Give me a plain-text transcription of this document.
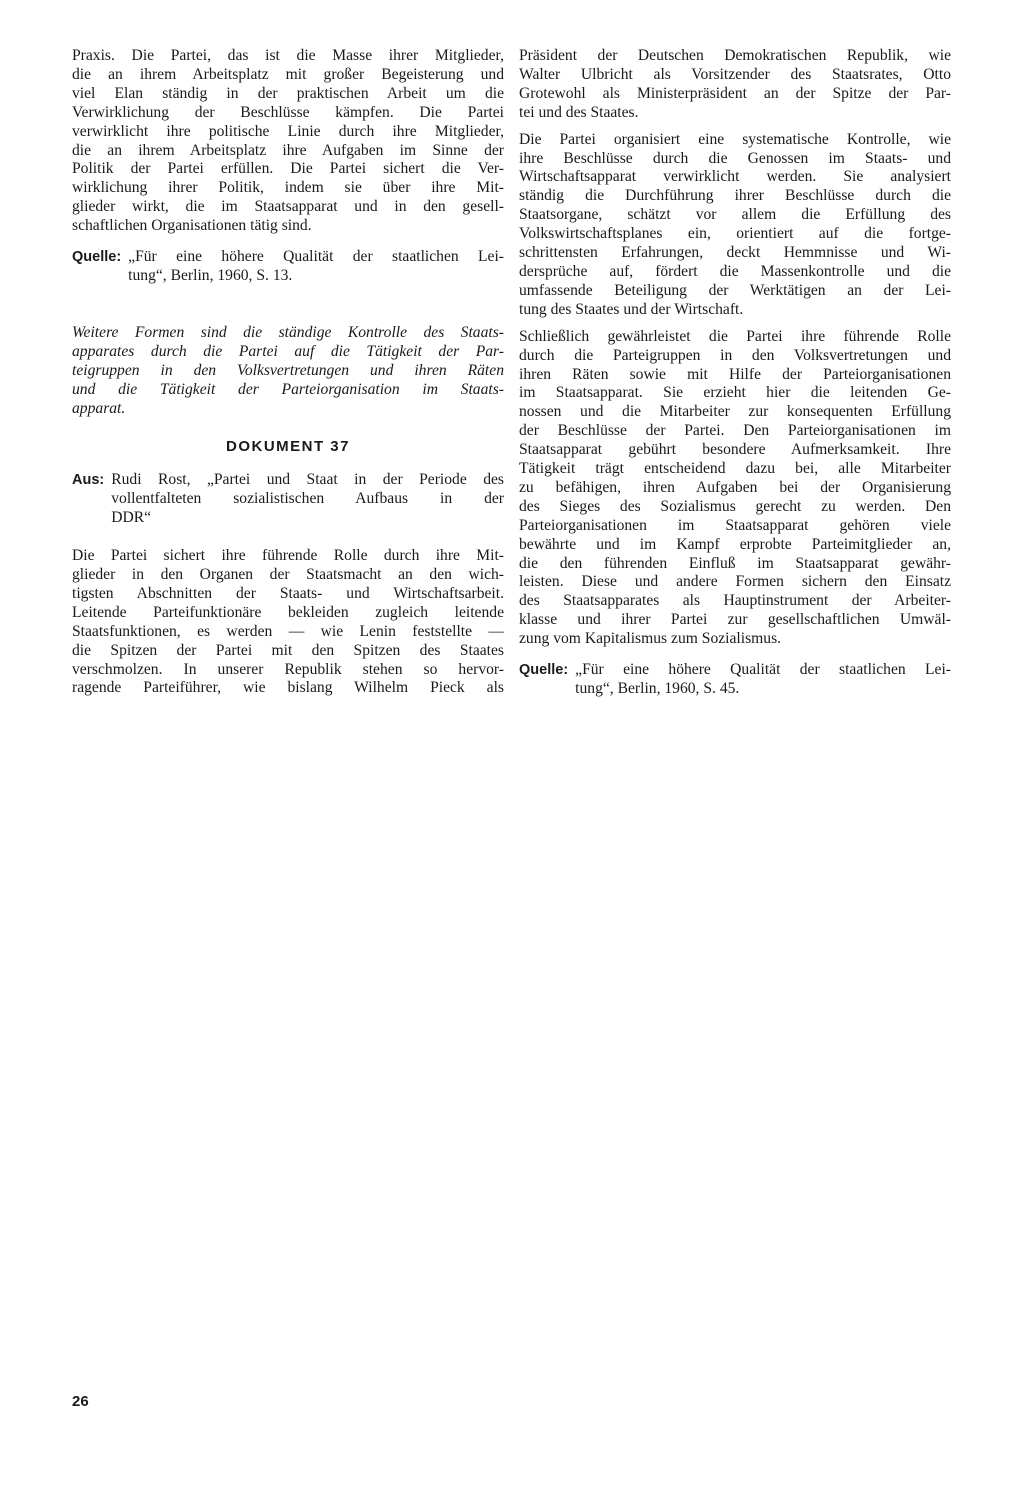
Praxis. Die Partei, das ist die Masse ihrer Mitglieder,
die an ihrem Arbeitsplatz mit großer Begeisterung und
viel Elan ständig in der praktischen Arbeit um die
Verwirklichung der Beschlüsse kämpfen. Die Partei
verwirklicht ihre politische Linie durch ihre Mitglieder,
die an ihrem Arbeitsplatz ihre Aufgaben im Sinne der
Politik der Partei erfüllen. Die Partei sichert die Ver-
wirklichung ihrer Politik, indem sie über ihre Mit-
glieder wirkt, die im Staatsapparat und in den gesell-
schaftlichen Organisationen tätig sind.

Quelle: „Für eine höhere Qualität der staatlichen Lei-
tung“, Berlin, 1960, S. 13.

Weitere Formen sind die ständige Kontrolle des Staats-
apparates durch die Partei auf die Tätigkeit der Par-
teigruppen in den Volksvertretungen und ihren Räten
und die Tätigkeit der Parteiorganisation im Staats-
apparat.

DOKUMENT 37
Aus: Rudi Rost, „Partei und Staat in der Periode des
vollentfalteten sozialistischen Aufbaus in der
DDR“

Die Partei sichert ihre führende Rolle durch ihre Mit-
glieder in den Organen der Staatsmacht an den wich-
tigsten Abschnitten der Staats- und Wirtschaftsarbeit.
Leitende Parteifunktionäre bekleiden zugleich leitende
Staatsfunktionen, es werden — wie Lenin feststellte —
die Spitzen der Partei mit den Spitzen des Staates
verschmolzen. In unserer Republik stehen so hervor-
ragende Parteiführer, wie bislang Wilhelm Pieck als

Präsident der Deutschen Demokratischen Republik, wie
Walter Ulbricht als Vorsitzender des Staatsrates, Otto
Grotewohl als Ministerpräsident an der Spitze der Par-
tei und des Staates.

Die Partei organisiert eine systematische Kontrolle, wie
ihre Beschlüsse durch die Genossen im Staats- und
Wirtschaftsapparat verwirklicht werden. Sie analysiert
ständig die Durchführung ihrer Beschlüsse durch die
Staatsorgane, schätzt vor allem die Erfüllung des
Volkswirtschaftsplanes ein, orientiert auf die fortge-
schrittensten Erfahrungen, deckt Hemmnisse und Wi-
dersprüche auf, fördert die Massenkontrolle und die
umfassende Beteiligung der Werktätigen an der Lei-
tung des Staates und der Wirtschaft.

Schließlich gewährleistet die Partei ihre führende Rolle
durch die Parteigruppen in den Volksvertretungen und
ihren Räten sowie mit Hilfe der Parteiorganisationen
im Staatsapparat. Sie erzieht hier die leitenden Ge-
nossen und die Mitarbeiter zur konsequenten Erfüllung
der Beschlüsse der Partei. Den Parteiorganisationen im
Staatsapparat gebührt besondere Aufmerksamkeit. Ihre
Tätigkeit trägt entscheidend dazu bei, alle Mitarbeiter
zu befähigen, ihren Aufgaben bei der Organisierung
des Sieges des Sozialismus gerecht zu werden. Den
Parteiorganisationen im Staatsapparat gehören viele
bewährte und im Kampf erprobte Parteimitglieder an,
die den führenden Einfluß im Staatsapparat gewähr-
leisten. Diese und andere Formen sichern den Einsatz
des Staatsapparates als Hauptinstrument der Arbeiter-
klasse und ihrer Partei zur gesellschaftlichen Umwäl-
zung vom Kapitalismus zum Sozialismus.

Quelle: „Für eine höhere Qualität der staatlichen Lei-
tung“, Berlin, 1960, S. 45.
26
